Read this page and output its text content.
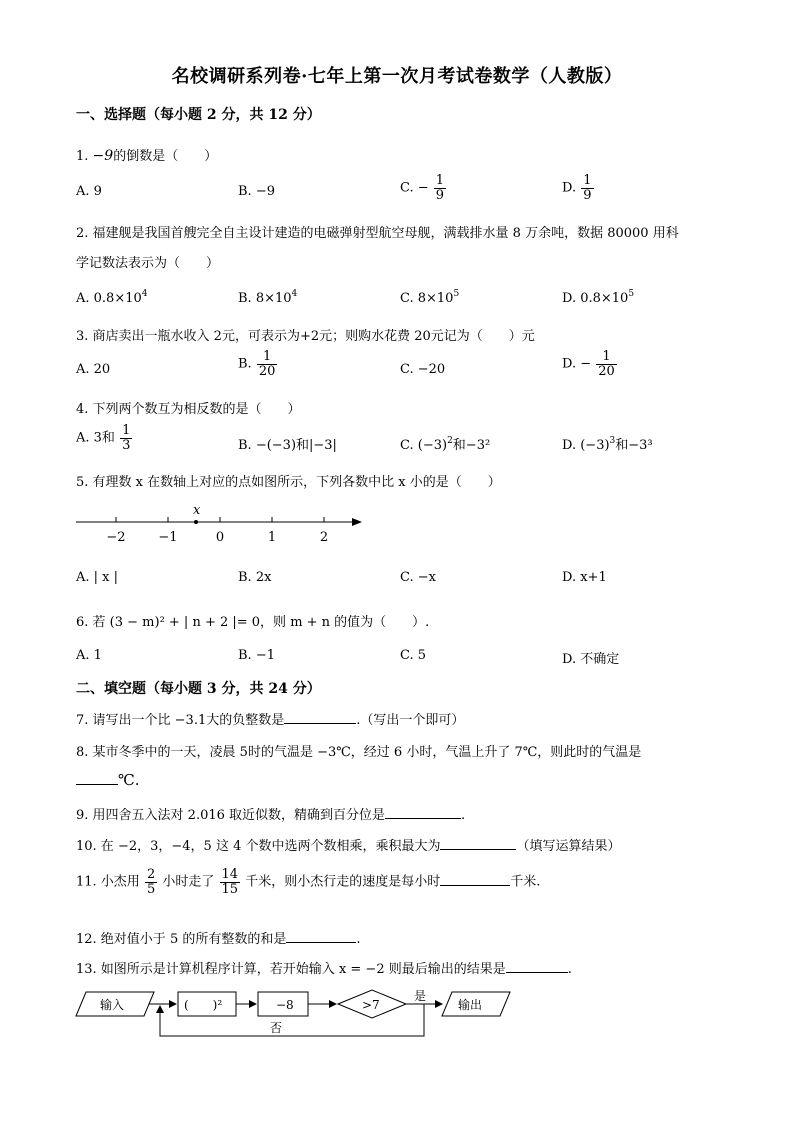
名校调研系列卷·七年上第一次月考试卷数学（人教版）
一、选择题（每小题 2 分，共 12 分）
1. −9的倒数是（　　）
A. 9	B. −9	C. − $\frac{1}{9}$	D. $\frac{1}{9}$
2. 福建舰是我国首艘完全自主设计建造的电磁弹射型航空母舰，满载排水量 8 万余吨，数据 80000 用科
学记数法表示为（　　）
A. $0.8\times 10^4$	B. $8\times 10^4$	C. $8\times 10^5$	D. $0.8\times 10^5$
3. 商店卖出一瓶水收入 2元，可表示为+2元；则购水花费 20元记为（　　）元
A. 20	B. $\frac{1}{20}$	C. −20	D. − $\frac{1}{20}$
4. 下列两个数互为相反数的是（　　）
A. 3和 $\frac{1}{3}$	B. −(−3)和|−3|	C. $(-3)^2$和−3²	D. $(-3)^3$和−3³
5. 有理数 x 在数轴上对应的点如图所示，下列各数中比 x 小的是（　　）
−2	−1	0	1	2
x
A. | x |	B. 2x	C. −x	D. x+1
6. 若 (3 − m)² + | n + 2 |= 0，则 m + n 的值为（　　）.
A. 1	B. −1	C. 5	D. 不确定
二、填空题（每小题 3 分，共 24 分）
7. 请写出一个比 −3.1大的负整数是	.（写出一个即可）
8. 某市冬季中的一天，凌晨 5时的气温是 −3℃，经过 6 小时，气温上升了 7℃，则此时的气温是
℃.
9. 用四舍五入法对 2.016 取近似数，精确到百分位是	.
10. 在 −2，3，−4，5 这 4 个数中选两个数相乘，乘积最大为	（填写运算结果）
11. 小杰用 $\frac{2}{5}$ 小时走了 $\frac{14}{15}$ 千米，则小杰行走的速度是每小时	千米.
12. 绝对值小于 5 的所有整数的和是	.
13. 如图所示是计算机程序计算，若开始输入 x = −2 则最后输出的结果是	.
输入	(　　)²	−8	>7
是
输出
否
